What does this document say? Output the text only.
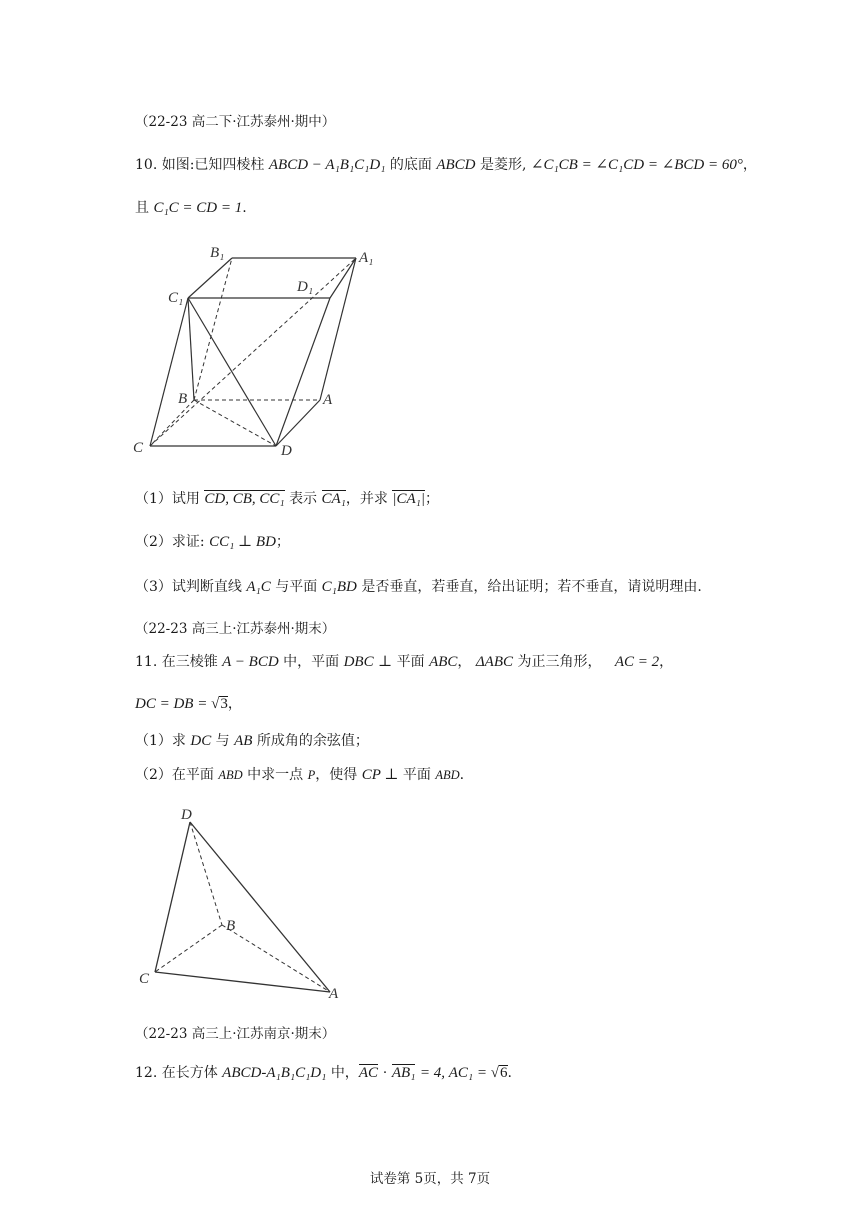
（22-23 高二下·江苏泰州·期中）
10. 如图:已知四棱柱 ABCD − A₁B₁C₁D₁ 的底面 ABCD 是菱形, ∠C₁CB = ∠C₁CD = ∠BCD = 60°，
且 C₁C = CD = 1.
B₁	A₁
C₁
D₁
B	A
C	D
（1）试用 CD, CB, CC₁ 表示 CA₁，并求 |CA₁|；
（2）求证: CC₁ ⊥ BD；
（3）试判断直线 A₁C 与平面 C₁BD 是否垂直，若垂直，给出证明；若不垂直，请说明理由.
（22-23 高三上·江苏泰州·期末）
11. 在三棱锥 A − BCD 中，平面 DBC ⊥ 平面 ABC， ΔABC 为正三角形， AC = 2，
DC = DB = √3，
（1）求 DC 与 AB 所成角的余弦值；
（2）在平面 ABD 中求一点 P，使得 CP ⊥ 平面 ABD.
D
B
C
A
（22-23 高三上·江苏南京·期末）
12. 在长方体 ABCD-A₁B₁C₁D₁ 中，AC · AB₁ = 4, AC₁ = √6.
试卷第 5页，共 7页
